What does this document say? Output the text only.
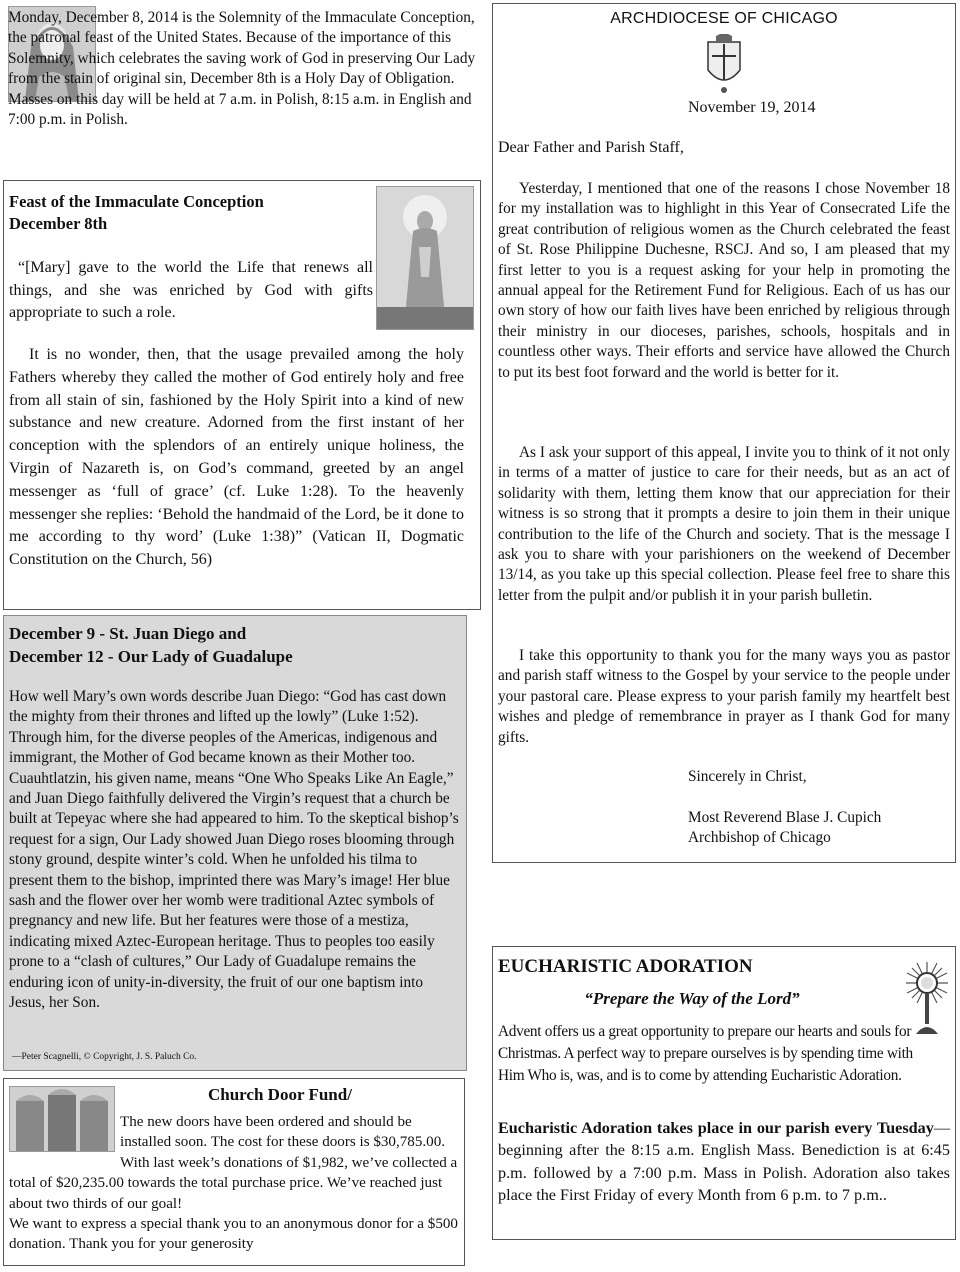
Monday, December 8, 2014 is the Solemnity of the Immaculate Conception, the patronal feast of the United States. Because of the importance of this Solemnity, which celebrates the saving work of God in preserving Our Lady from the stain of original sin, December 8th is a Holy Day of Obligation. Masses on this day will be held at 7 a.m. in Polish, 8:15 a.m. in English and 7:00 p.m. in Polish.

Feast of the Immaculate Conception

December 8th

“[Mary] gave to the world the Life that renews all things, and she was enriched by God with gifts appropriate to such a role.

It is no wonder, then, that the usage prevailed among the holy Fathers whereby they called the mother of God entirely holy and free from all stain of sin, fashioned by the Holy Spirit into a kind of new substance and new creature. Adorned from the first instant of her conception with the splendors of an entirely unique holiness, the Virgin of Nazareth is, on God’s command, greeted by an angel messenger as ‘full of grace’ (cf. Luke 1:28). To the heavenly messenger she replies: ‘Behold the handmaid of the Lord, be it done to me according to thy word’ (Luke 1:38)” (Vatican II, Dogmatic Constitution on the Church, 56)

December 9 - St. Juan Diego and

December 12 - Our Lady of Guadalupe

How well Mary’s own words describe Juan Diego: “God has cast down the mighty from their thrones and lifted up the lowly” (Luke 1:52). Through him, for the diverse peoples of the Americas, indigenous and immigrant, the Mother of God became known as their Mother too. Cuauhtlatzin, his given name, means “One Who Speaks Like An Eagle,” and Juan Diego faithfully delivered the Virgin’s request that a church be built at Tepeyac where she had appeared to him. To the skeptical bishop’s request for a sign, Our Lady showed Juan Diego roses blooming through stony ground, despite winter’s cold. When he unfolded his tilma to present them to the bishop, imprinted there was Mary’s image! Her blue sash and the flower over her womb were traditional Aztec symbols of pregnancy and new life. But her features were those of a mestiza, indicating mixed Aztec-European heritage. Thus to peoples too easily prone to a “clash of cultures,” Our Lady of Guadalupe remains the enduring icon of unity-in-diversity, the fruit of our one baptism into Jesus, her Son.

—Peter Scagnelli, © Copyright, J. S. Paluch Co.

Church Door Fund/

The new doors have been ordered and should be installed soon. The cost for these doors is $30,785.00. With last week’s donations of $1,982, we’ve collected a total of $20,235.00 towards the total purchase price. We’ve reached just about two thirds of our goal!
We want to express a special thank you to an anonymous donor for a $500 donation. Thank you for your generosity

ARCHDIOCESE OF CHICAGO

November 19, 2014

Dear Father and Parish Staff,

Yesterday, I mentioned that one of the reasons I chose November 18 for my installation was to highlight in this Year of Consecrated Life the great contribution of religious women as the Church celebrated the feast of St. Rose Philippine Duchesne, RSCJ. And so, I am pleased that my first letter to you is a request asking for your help in promoting the annual appeal for the Retirement Fund for Religious. Each of us has our own story of how our faith lives have been enriched by religious through their ministry in our dioceses, parishes, schools, hospitals and in countless other ways. Their efforts and service have allowed the Church to put its best foot forward and the world is better for it.

As I ask your support of this appeal, I invite you to think of it not only in terms of a matter of justice to care for their needs, but as an act of solidarity with them, letting them know that our appreciation for their witness is so strong that it prompts a desire to join them in their unique contribution to the life of the Church and society. That is the message I ask you to share with your parishioners on the weekend of December 13/14, as you take up this special collection. Please feel free to share this letter from the pulpit and/or publish it in your parish bulletin.

I take this opportunity to thank you for the many ways you as pastor and parish staff witness to the Gospel by your service to the people under your pastoral care. Please express to your parish family my heartfelt best wishes and pledge of remembrance in prayer as I thank God for many gifts.

Sincerely in Christ,

Most Reverend Blase J. Cupich

Archbishop of Chicago

EUCHARISTIC ADORATION

“Prepare the Way of the Lord”

Advent offers us a great opportunity to prepare our hearts and souls for Christmas. A perfect way to prepare ourselves is by spending time with Him Who is, was, and is to come by attending Eucharistic Adoration.

Eucharistic Adoration takes place in our parish every Tuesday—beginning after the 8:15 a.m. English Mass. Benediction is at 6:45 p.m. followed by a 7:00 p.m. Mass in Polish. Adoration also takes place the First Friday of every Month from 6 p.m. to 7 p.m..
